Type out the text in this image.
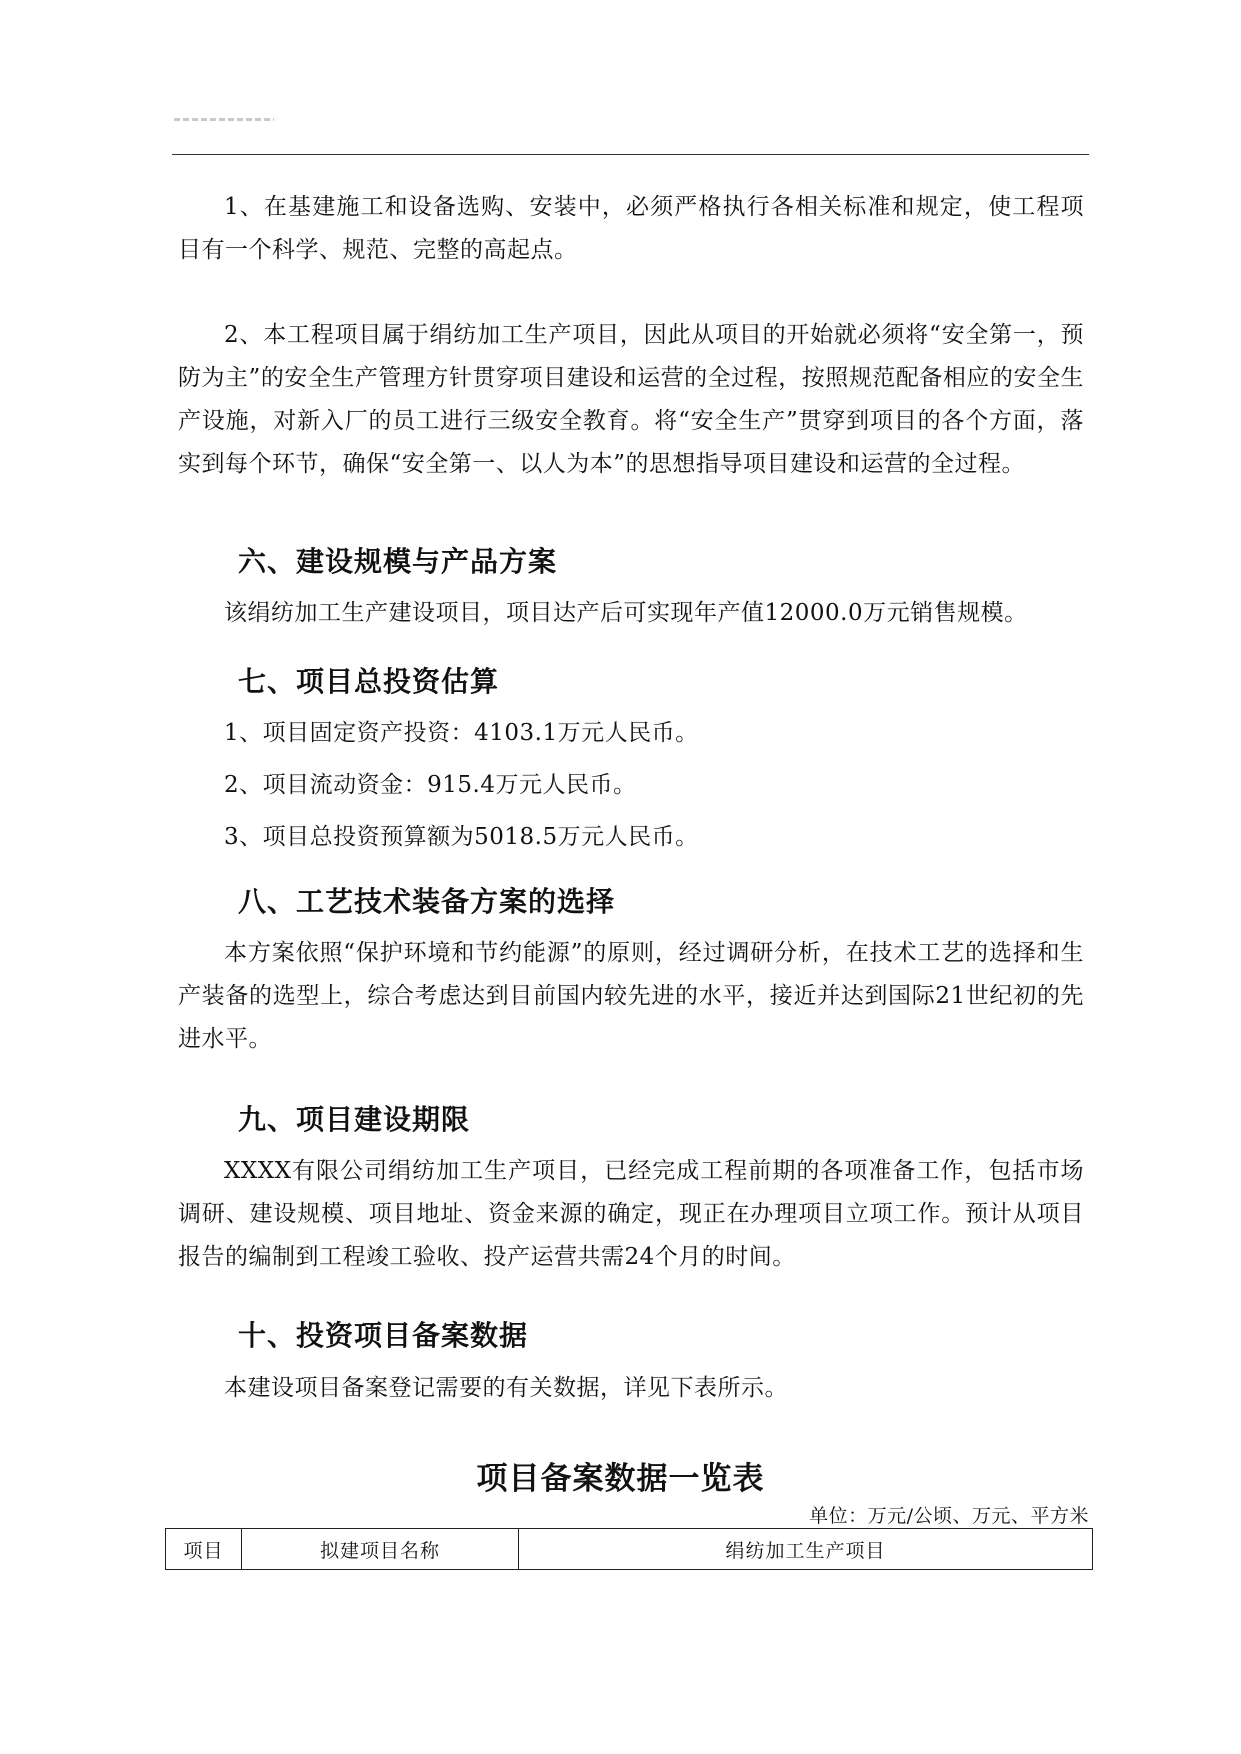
1、在基建施工和设备选购、安装中，必须严格执行各相关标准和规定，使工程项目有一个科学、规范、完整的高起点。

2、本工程项目属于绢纺加工生产项目，因此从项目的开始就必须将“安全第一，预防为主”的安全生产管理方针贯穿项目建设和运营的全过程，按照规范配备相应的安全生产设施，对新入厂的员工进行三级安全教育。将“安全生产”贯穿到项目的各个方面，落实到每个环节，确保“安全第一、以人为本”的思想指导项目建设和运营的全过程。

六、建设规模与产品方案

该绢纺加工生产建设项目，项目达产后可实现年产值12000.0万元销售规模。

七、项目总投资估算

1、项目固定资产投资：4103.1万元人民币。

2、项目流动资金：915.4万元人民币。

3、项目总投资预算额为5018.5万元人民币。

八、工艺技术装备方案的选择

本方案依照“保护环境和节约能源”的原则，经过调研分析，在技术工艺的选择和生产装备的选型上，综合考虑达到目前国内较先进的水平，接近并达到国际21世纪初的先进水平。

九、项目建设期限

XXXX有限公司绢纺加工生产项目，已经完成工程前期的各项准备工作，包括市场调研、建设规模、项目地址、资金来源的确定，现正在办理项目立项工作。预计从项目报告的编制到工程竣工验收、投产运营共需24个月的时间。

十、投资项目备案数据

本建设项目备案登记需要的有关数据，详见下表所示。

项目备案数据一览表

单位：万元/公顷、万元、平方米

项目	拟建项目名称	绢纺加工生产项目
